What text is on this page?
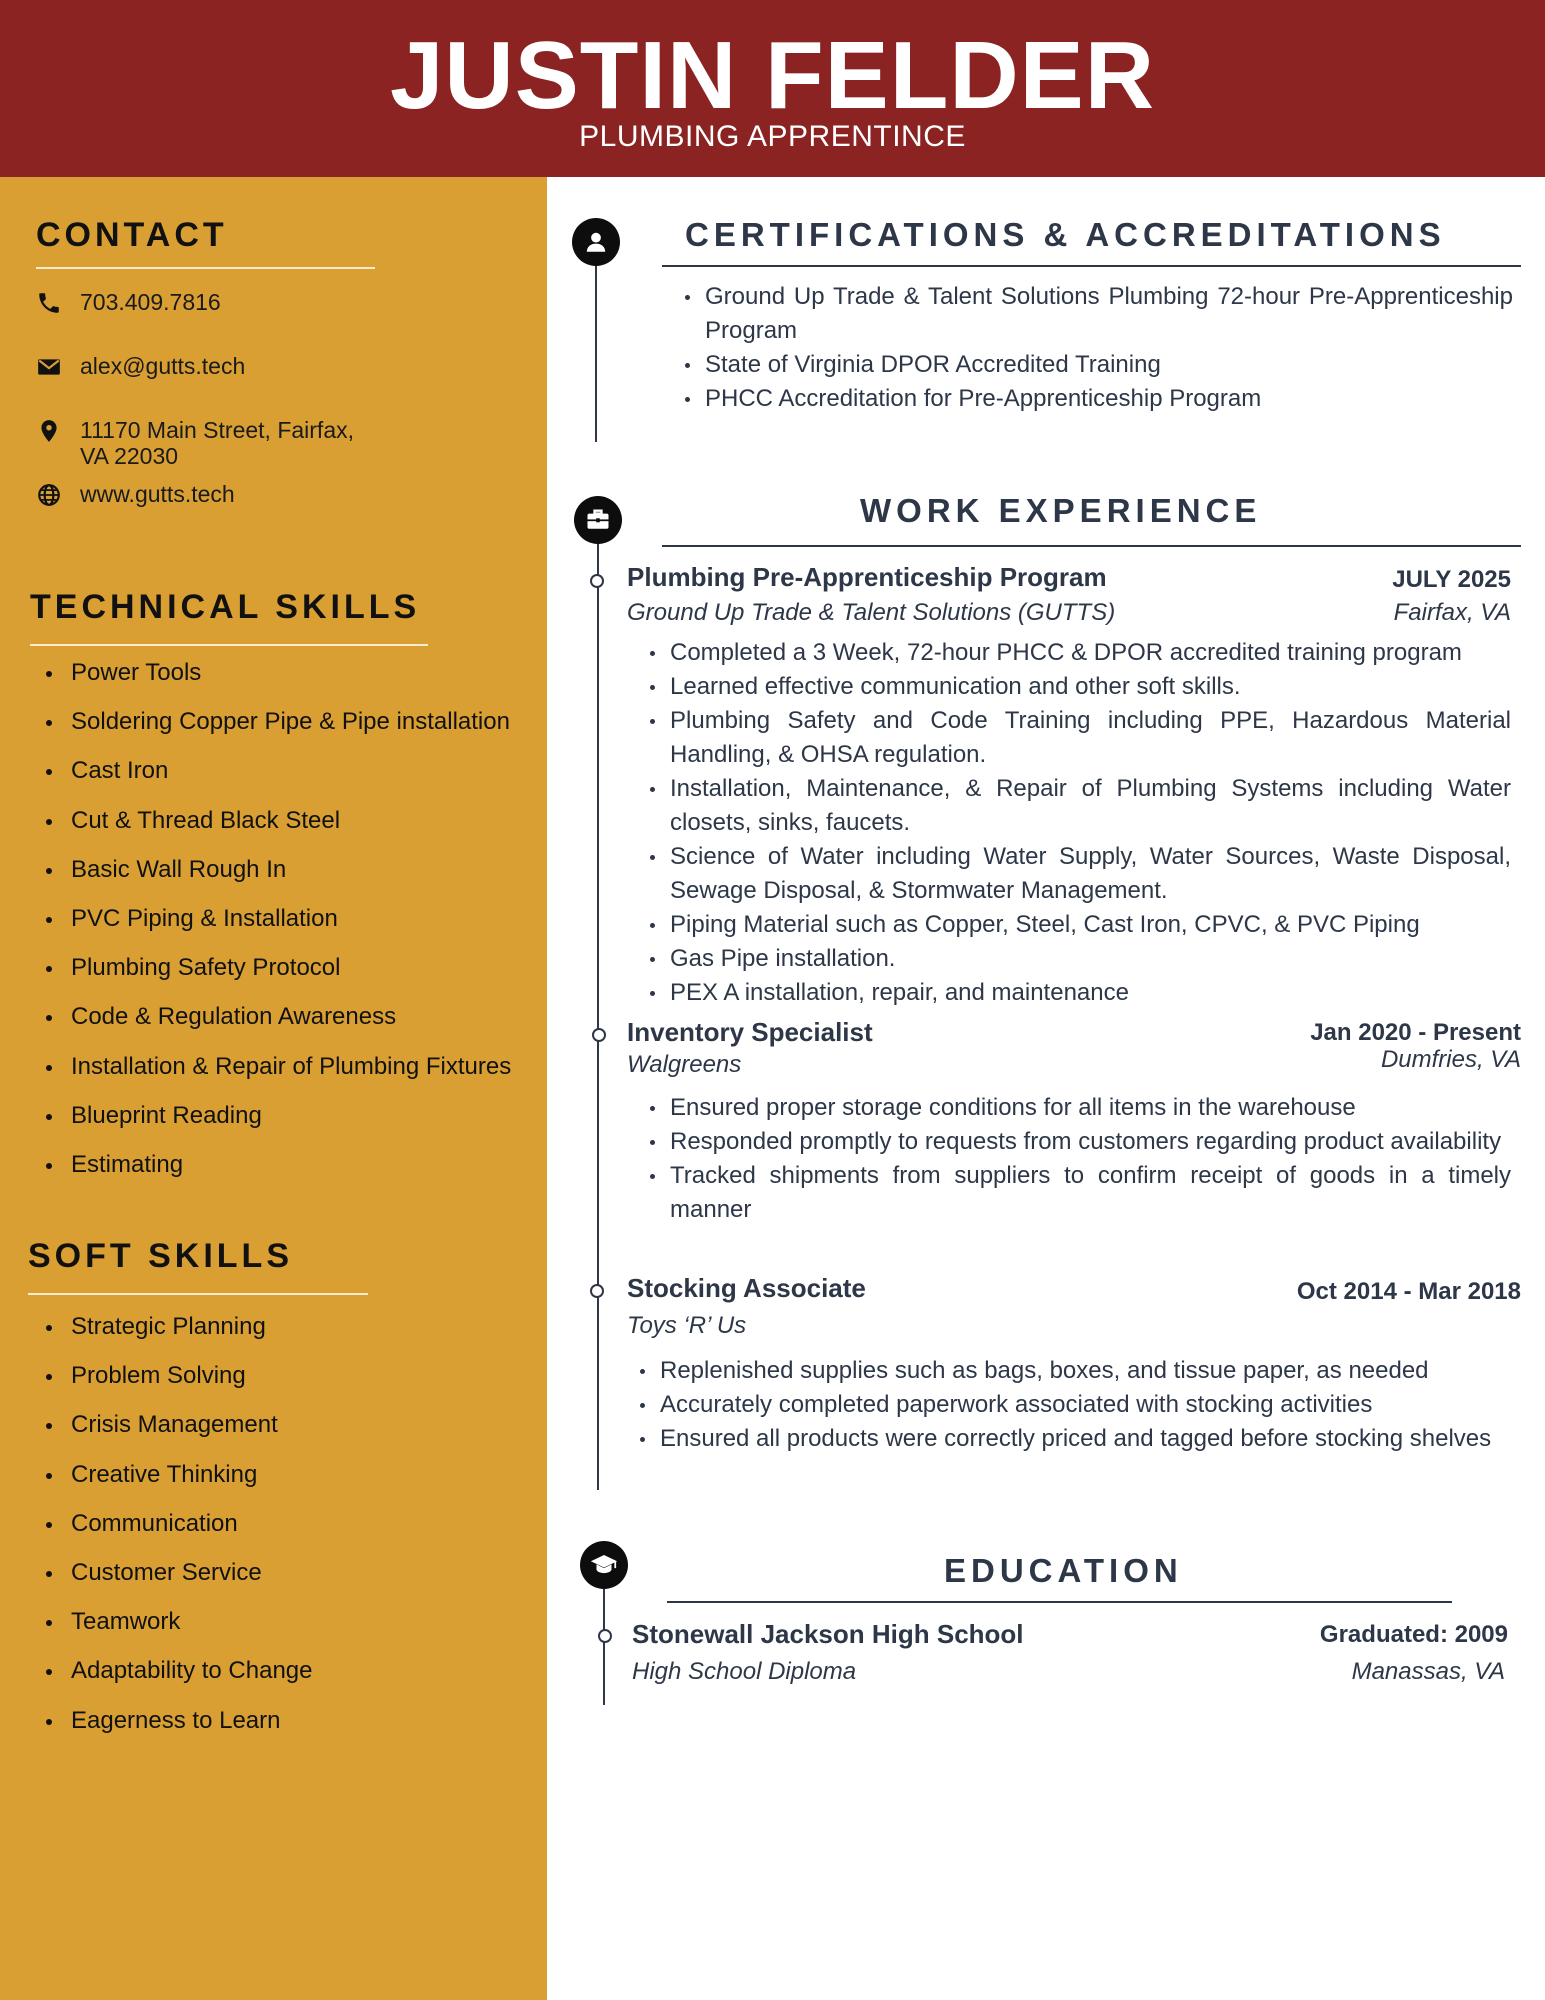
JUSTIN FELDER
PLUMBING APPRENTINCE
CONTACT
703.409.7816
alex@gutts.tech
11170 Main Street, Fairfax,
VA 22030
www.gutts.tech
TECHNICAL SKILLS
Power Tools
Soldering Copper Pipe & Pipe installation
Cast Iron
Cut & Thread Black Steel
Basic Wall Rough In
PVC Piping & Installation
Plumbing Safety Protocol
Code & Regulation Awareness
Installation & Repair of Plumbing Fixtures
Blueprint Reading
Estimating
SOFT SKILLS
Strategic Planning
Problem Solving
Crisis Management
Creative Thinking
Communication
Customer Service
Teamwork
Adaptability to Change
Eagerness to Learn
CERTIFICATIONS & ACCREDITATIONS
Ground Up Trade & Talent Solutions Plumbing 72-hour Pre-Apprenticeship Program
State of Virginia DPOR Accredited Training
PHCC Accreditation for Pre-Apprenticeship Program
WORK EXPERIENCE
Plumbing Pre-Apprenticeship Program	JULY 2025
Ground Up Trade & Talent Solutions (GUTTS)	Fairfax, VA
Completed a 3 Week, 72-hour PHCC & DPOR accredited training program
Learned effective communication and other soft skills.
Plumbing Safety and Code Training including PPE, Hazardous Material Handling, & OHSA regulation.
Installation, Maintenance, & Repair of Plumbing Systems including Water closets, sinks, faucets.
Science of Water including Water Supply, Water Sources, Waste Disposal, Sewage Disposal, & Stormwater Management.
Piping Material such as Copper, Steel, Cast Iron, CPVC, & PVC Piping
Gas Pipe installation.
PEX A installation, repair, and maintenance
Inventory Specialist	Jan 2020 - Present
Walgreens	Dumfries, VA
Ensured proper storage conditions for all items in the warehouse
Responded promptly to requests from customers regarding product availability
Tracked shipments from suppliers to confirm receipt of goods in a timely manner
Stocking Associate	Oct 2014 - Mar 2018
Toys ‘R’ Us
Replenished supplies such as bags, boxes, and tissue paper, as needed
Accurately completed paperwork associated with stocking activities
Ensured all products were correctly priced and tagged before stocking shelves
EDUCATION
Stonewall Jackson High School	Graduated: 2009
High School Diploma	Manassas, VA
